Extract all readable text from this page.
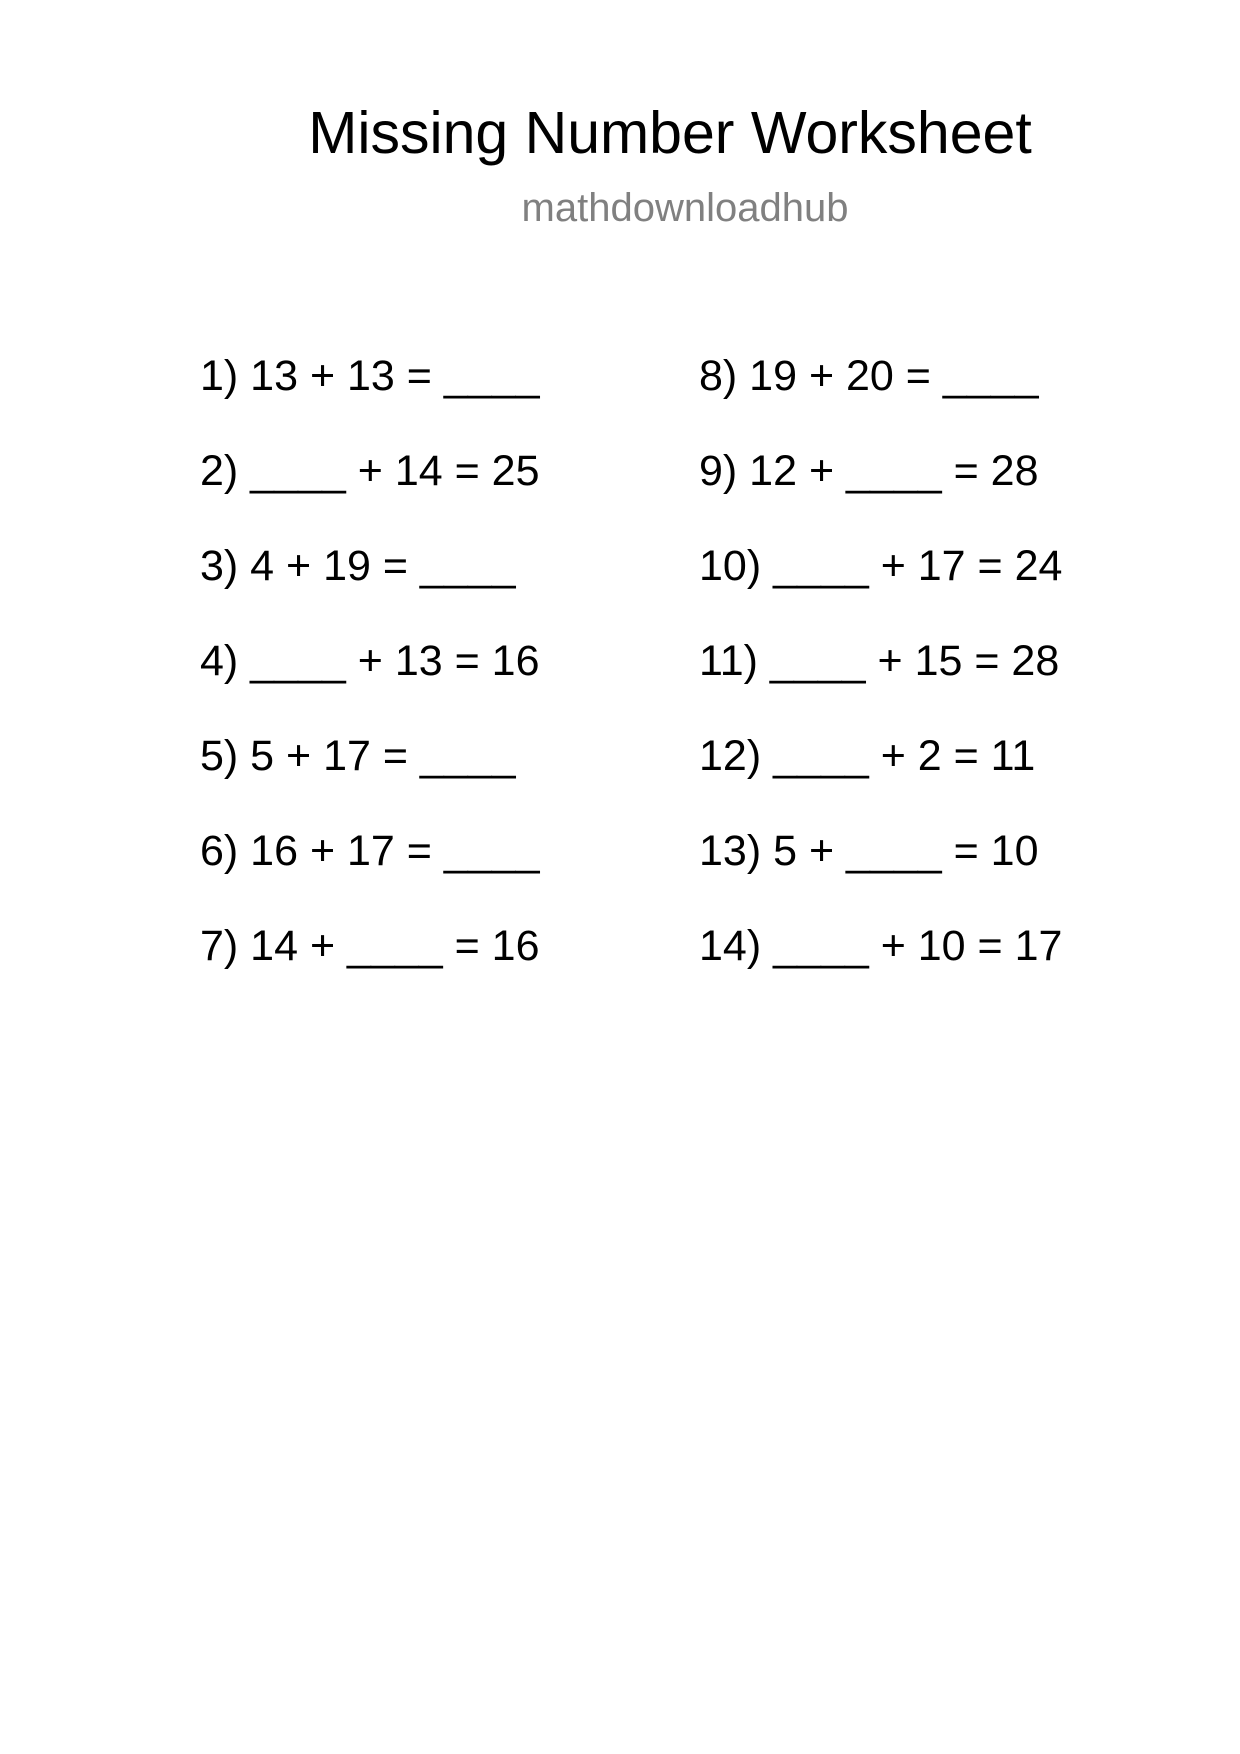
Missing Number Worksheet
mathdownloadhub
1) 13 + 13 = ____
2) ____ + 14 = 25
3) 4 + 19 = ____
4) ____ + 13 = 16
5) 5 + 17 = ____
6) 16 + 17 = ____
7) 14 + ____ = 16
8) 19 + 20 = ____
9) 12 + ____ = 28
10) ____ + 17 = 24
11) ____ + 15 = 28
12) ____ + 2 = 11
13) 5 + ____ = 10
14) ____ + 10 = 17
